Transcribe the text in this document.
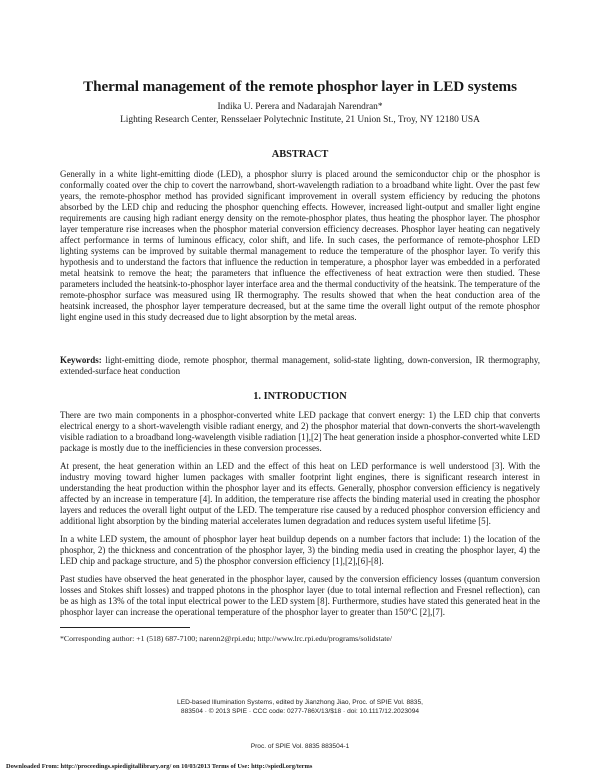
Thermal management of the remote phosphor layer in LED systems
Indika U. Perera and Nadarajah Narendran*
Lighting Research Center, Rensselaer Polytechnic Institute, 21 Union St., Troy, NY 12180 USA
ABSTRACT

Generally in a white light-emitting diode (LED), a phosphor slurry is placed around the semiconductor chip or the phosphor is conformally coated over the chip to covert the narrowband, short-wavelength radiation to a broadband white light. Over the past few years, the remote-phosphor method has provided significant improvement in overall system efficiency by reducing the photons absorbed by the LED chip and reducing the phosphor quenching effects. However, increased light-output and smaller light engine requirements are causing high radiant energy density on the remote-phosphor plates, thus heating the phosphor layer. The phosphor layer temperature rise increases when the phosphor material conversion efficiency decreases. Phosphor layer heating can negatively affect performance in terms of luminous efficacy, color shift, and life. In such cases, the performance of remote-phosphor LED lighting systems can be improved by suitable thermal management to reduce the temperature of the phosphor layer. To verify this hypothesis and to understand the factors that influence the reduction in temperature, a phosphor layer was embedded in a perforated metal heatsink to remove the heat; the parameters that influence the effectiveness of heat extraction were then studied. These parameters included the heatsink-to-phosphor layer interface area and the thermal conductivity of the heatsink. The temperature of the remote-phosphor surface was measured using IR thermography. The results showed that when the heat conduction area of the heatsink increased, the phosphor layer temperature decreased, but at the same time the overall light output of the remote phosphor light engine used in this study decreased due to light absorption by the metal areas.

Keywords: light-emitting diode, remote phosphor, thermal management, solid-state lighting, down-conversion, IR thermography, extended-surface heat conduction

1. INTRODUCTION

There are two main components in a phosphor-converted white LED package that convert energy: 1) the LED chip that converts electrical energy to a short-wavelength visible radiant energy, and 2) the phosphor material that down-converts the short-wavelength visible radiation to a broadband long-wavelength visible radiation [1],[2] The heat generation inside a phosphor-converted white LED package is mostly due to the inefficiencies in these conversion processes.

At present, the heat generation within an LED and the effect of this heat on LED performance is well understood [3]. With the industry moving toward higher lumen packages with smaller footprint light engines, there is significant research interest in understanding the heat production within the phosphor layer and its effects. Generally, phosphor conversion efficiency is negatively affected by an increase in temperature [4]. In addition, the temperature rise affects the binding material used in creating the phosphor layers and reduces the overall light output of the LED. The temperature rise caused by a reduced phosphor conversion efficiency and additional light absorption by the binding material accelerates lumen degradation and reduces system useful lifetime [5].

In a white LED system, the amount of phosphor layer heat buildup depends on a number factors that include: 1) the location of the phosphor, 2) the thickness and concentration of the phosphor layer, 3) the binding media used in creating the phosphor layer, 4) the LED chip and package structure, and 5) the phosphor conversion efficiency [1],[2],[6]-[8].

Past studies have observed the heat generated in the phosphor layer, caused by the conversion efficiency losses (quantum conversion losses and Stokes shift losses) and trapped photons in the phosphor layer (due to total internal reflection and Fresnel reflection), can be as high as 13% of the total input electrical power to the LED system [8]. Furthermore, studies have stated this generated heat in the phosphor layer can increase the operational temperature of the phosphor layer to greater than 150°C [2],[7].

*Corresponding author: +1 (518) 687-7100; narenn2@rpi.edu; http://www.lrc.rpi.edu/programs/solidstate/
LED-based Illumination Systems, edited by Jianzhong Jiao, Proc. of SPIE Vol. 8835,
883504 · © 2013 SPIE · CCC code: 0277-786X/13/$18 · doi: 10.1117/12.2023094
Proc. of SPIE Vol. 8835 883504-1
Downloaded From: http://proceedings.spiedigitallibrary.org/ on 10/03/2013 Terms of Use: http://spiedl.org/terms
